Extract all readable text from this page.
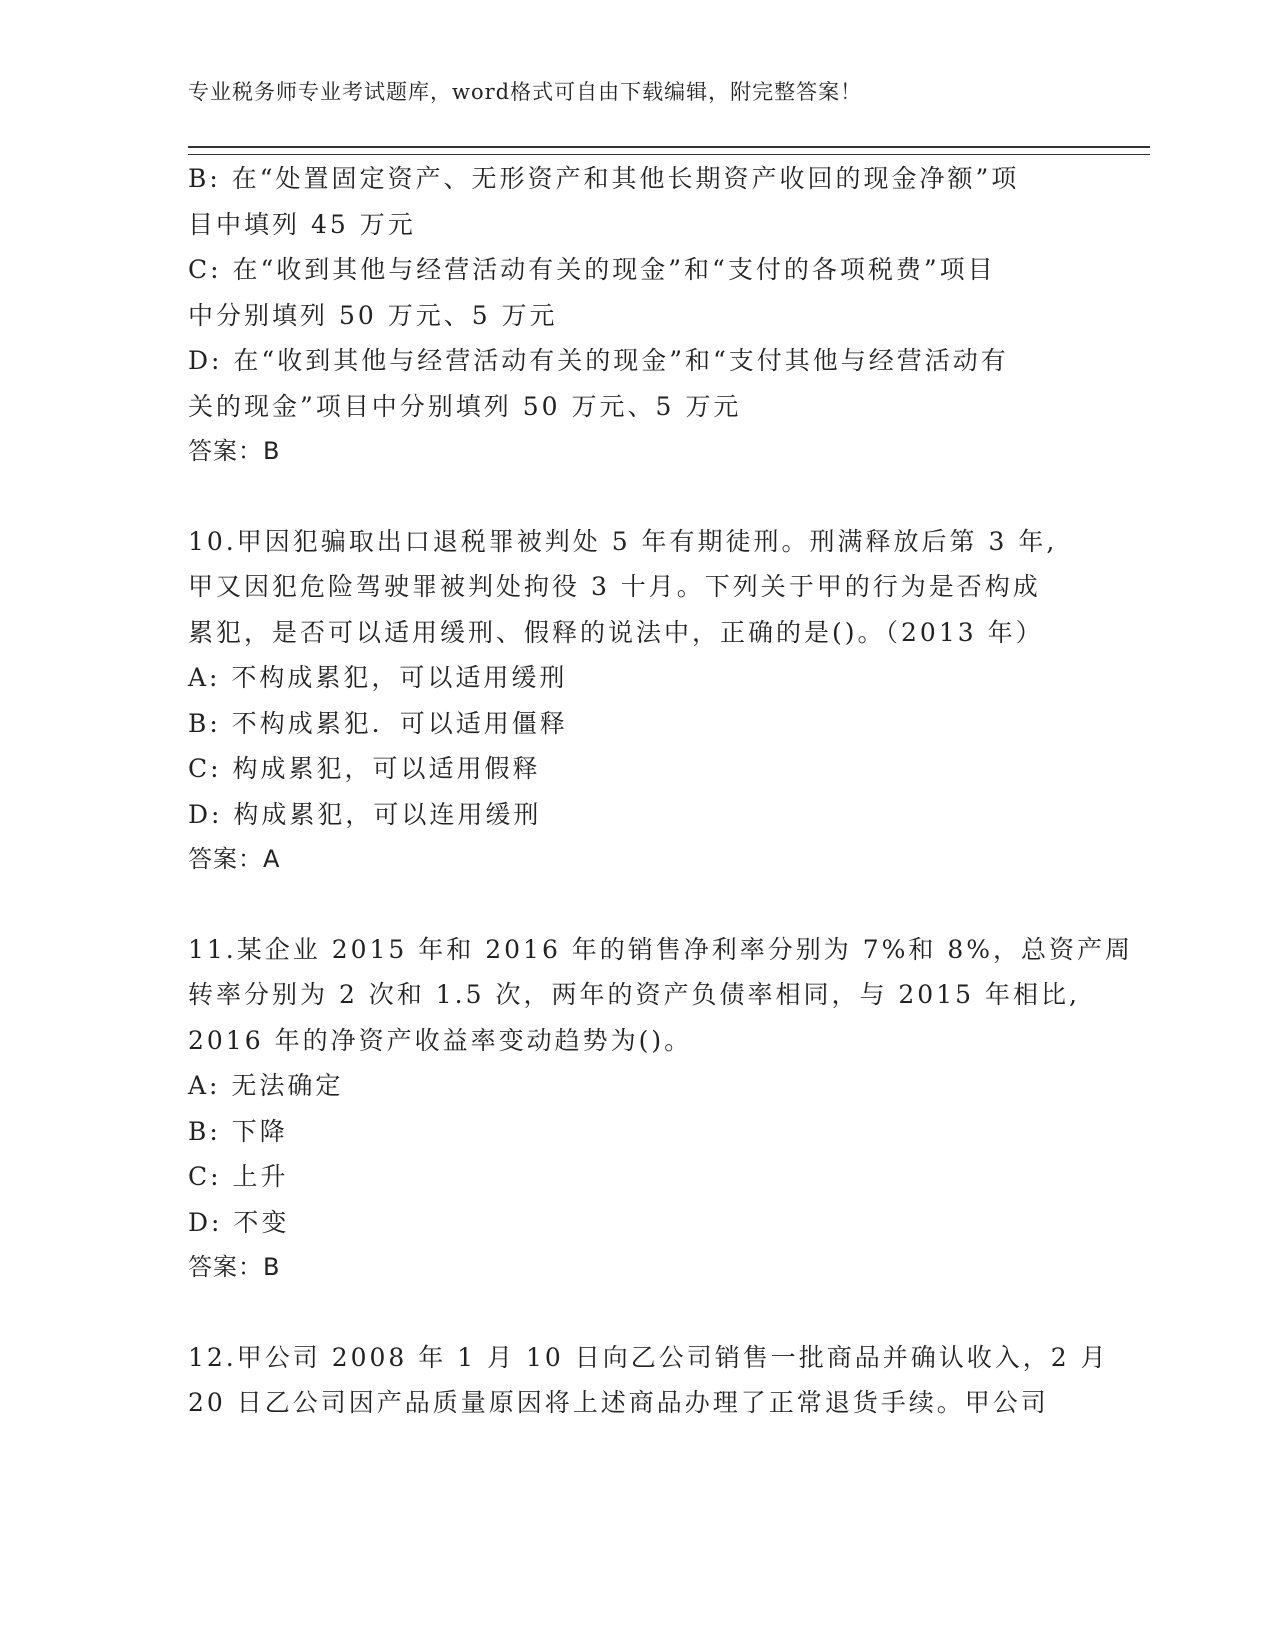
专业税务师专业考试题库，word格式可自由下载编辑，附完整答案！
B: 在“处置固定资产、无形资产和其他长期资产收回的现金净额”项
目中填列 45 万元
C: 在“收到其他与经营活动有关的现金”和“支付的各项税费”项目
中分别填列 50 万元、5 万元
D: 在“收到其他与经营活动有关的现金”和“支付其他与经营活动有
关的现金”项目中分别填列 50 万元、5 万元
答案：B
10.甲因犯骗取出口退税罪被判处 5 年有期徒刑。刑满释放后第 3 年,
甲又因犯危险驾驶罪被判处拘役 3 十月。下列关于甲的行为是否构成
累犯，是否可以适用缓刑、假释的说法中，正确的是()。（2013 年）
A: 不构成累犯，可以适用缓刑
B: 不构成累犯．可以适用僵释
C: 构成累犯，可以适用假释
D: 构成累犯，可以连用缓刑
答案：A
11.某企业 2015 年和 2016 年的销售净利率分别为 7%和 8%，总资产周
转率分别为 2 次和 1.5 次，两年的资产负债率相同，与 2015 年相比,
2016 年的净资产收益率变动趋势为()。
A: 无法确定
B: 下降
C: 上升
D: 不变
答案：B
12.甲公司 2008 年 1 月 10 日向乙公司销售一批商品并确认收入，2 月
20 日乙公司因产品质量原因将上述商品办理了正常退货手续。甲公司
